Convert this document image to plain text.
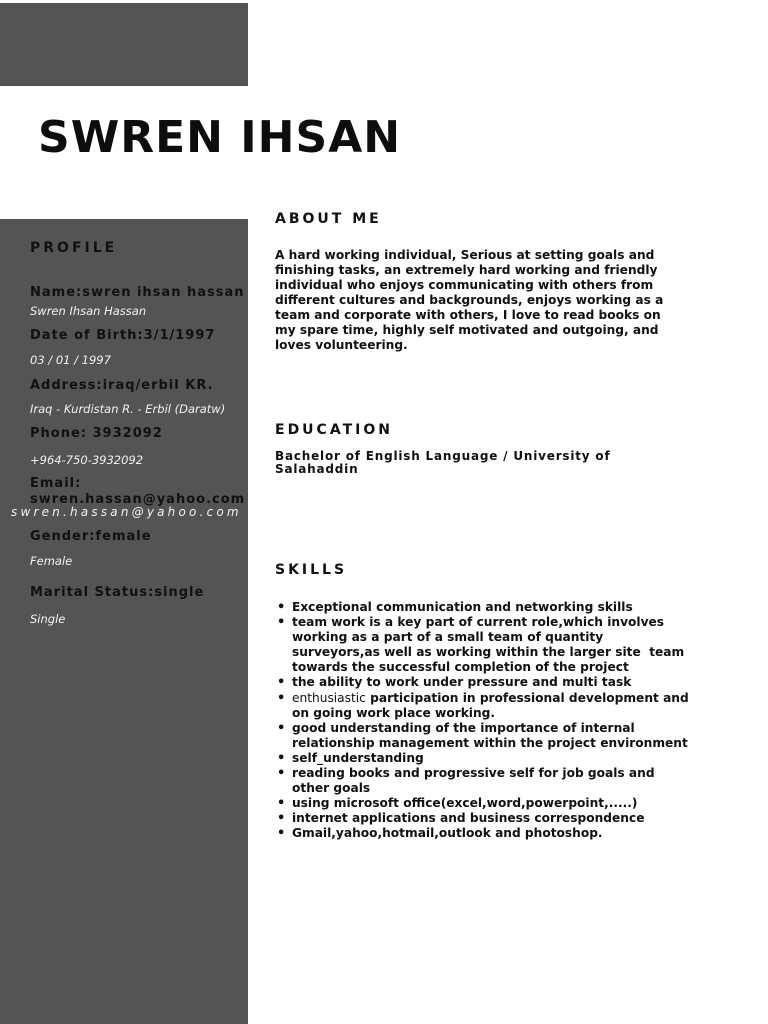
SWREN IHSAN

PROFILE

Name:swren ihsan hassan

Swren Ihsan Hassan

Date of Birth:3/1/1997

03 / 01 / 1997

Address:iraq/erbil KR.

Iraq - Kurdistan R. - Erbil (Daratw)

Phone: 3932092

+964-750-3932092

Email:
swren.hassan@yahoo.com

swren.hassan@yahoo.com

Gender:female

Female

Marital Status:single

Single

ABOUT ME

A hard working individual, Serious at setting goals and finishing tasks, an extremely hard working and friendly individual who enjoys communicating with others from different cultures and backgrounds, enjoys working as a team and corporate with others, I love to read books on my spare time, highly self motivated and outgoing, and loves volunteering.

EDUCATION

Bachelor of English Language / University of Salahaddin

SKILLS
• Exceptional communication and networking skills
• team work is a key part of current role,which involves working as a part of a small team of quantity surveyors,as well as working within the larger site  team towards the successful completion of the project
• the ability to work under pressure and multi task
• enthusiastic participation in professional development and on going work place working.
• good understanding of the importance of internal relationship management within the project environment
• self_understanding
• reading books and progressive self for job goals and other goals
• using microsoft office(excel,word,powerpoint,.....)
• internet applications and business correspondence
• Gmail,yahoo,hotmail,outlook and photoshop.
